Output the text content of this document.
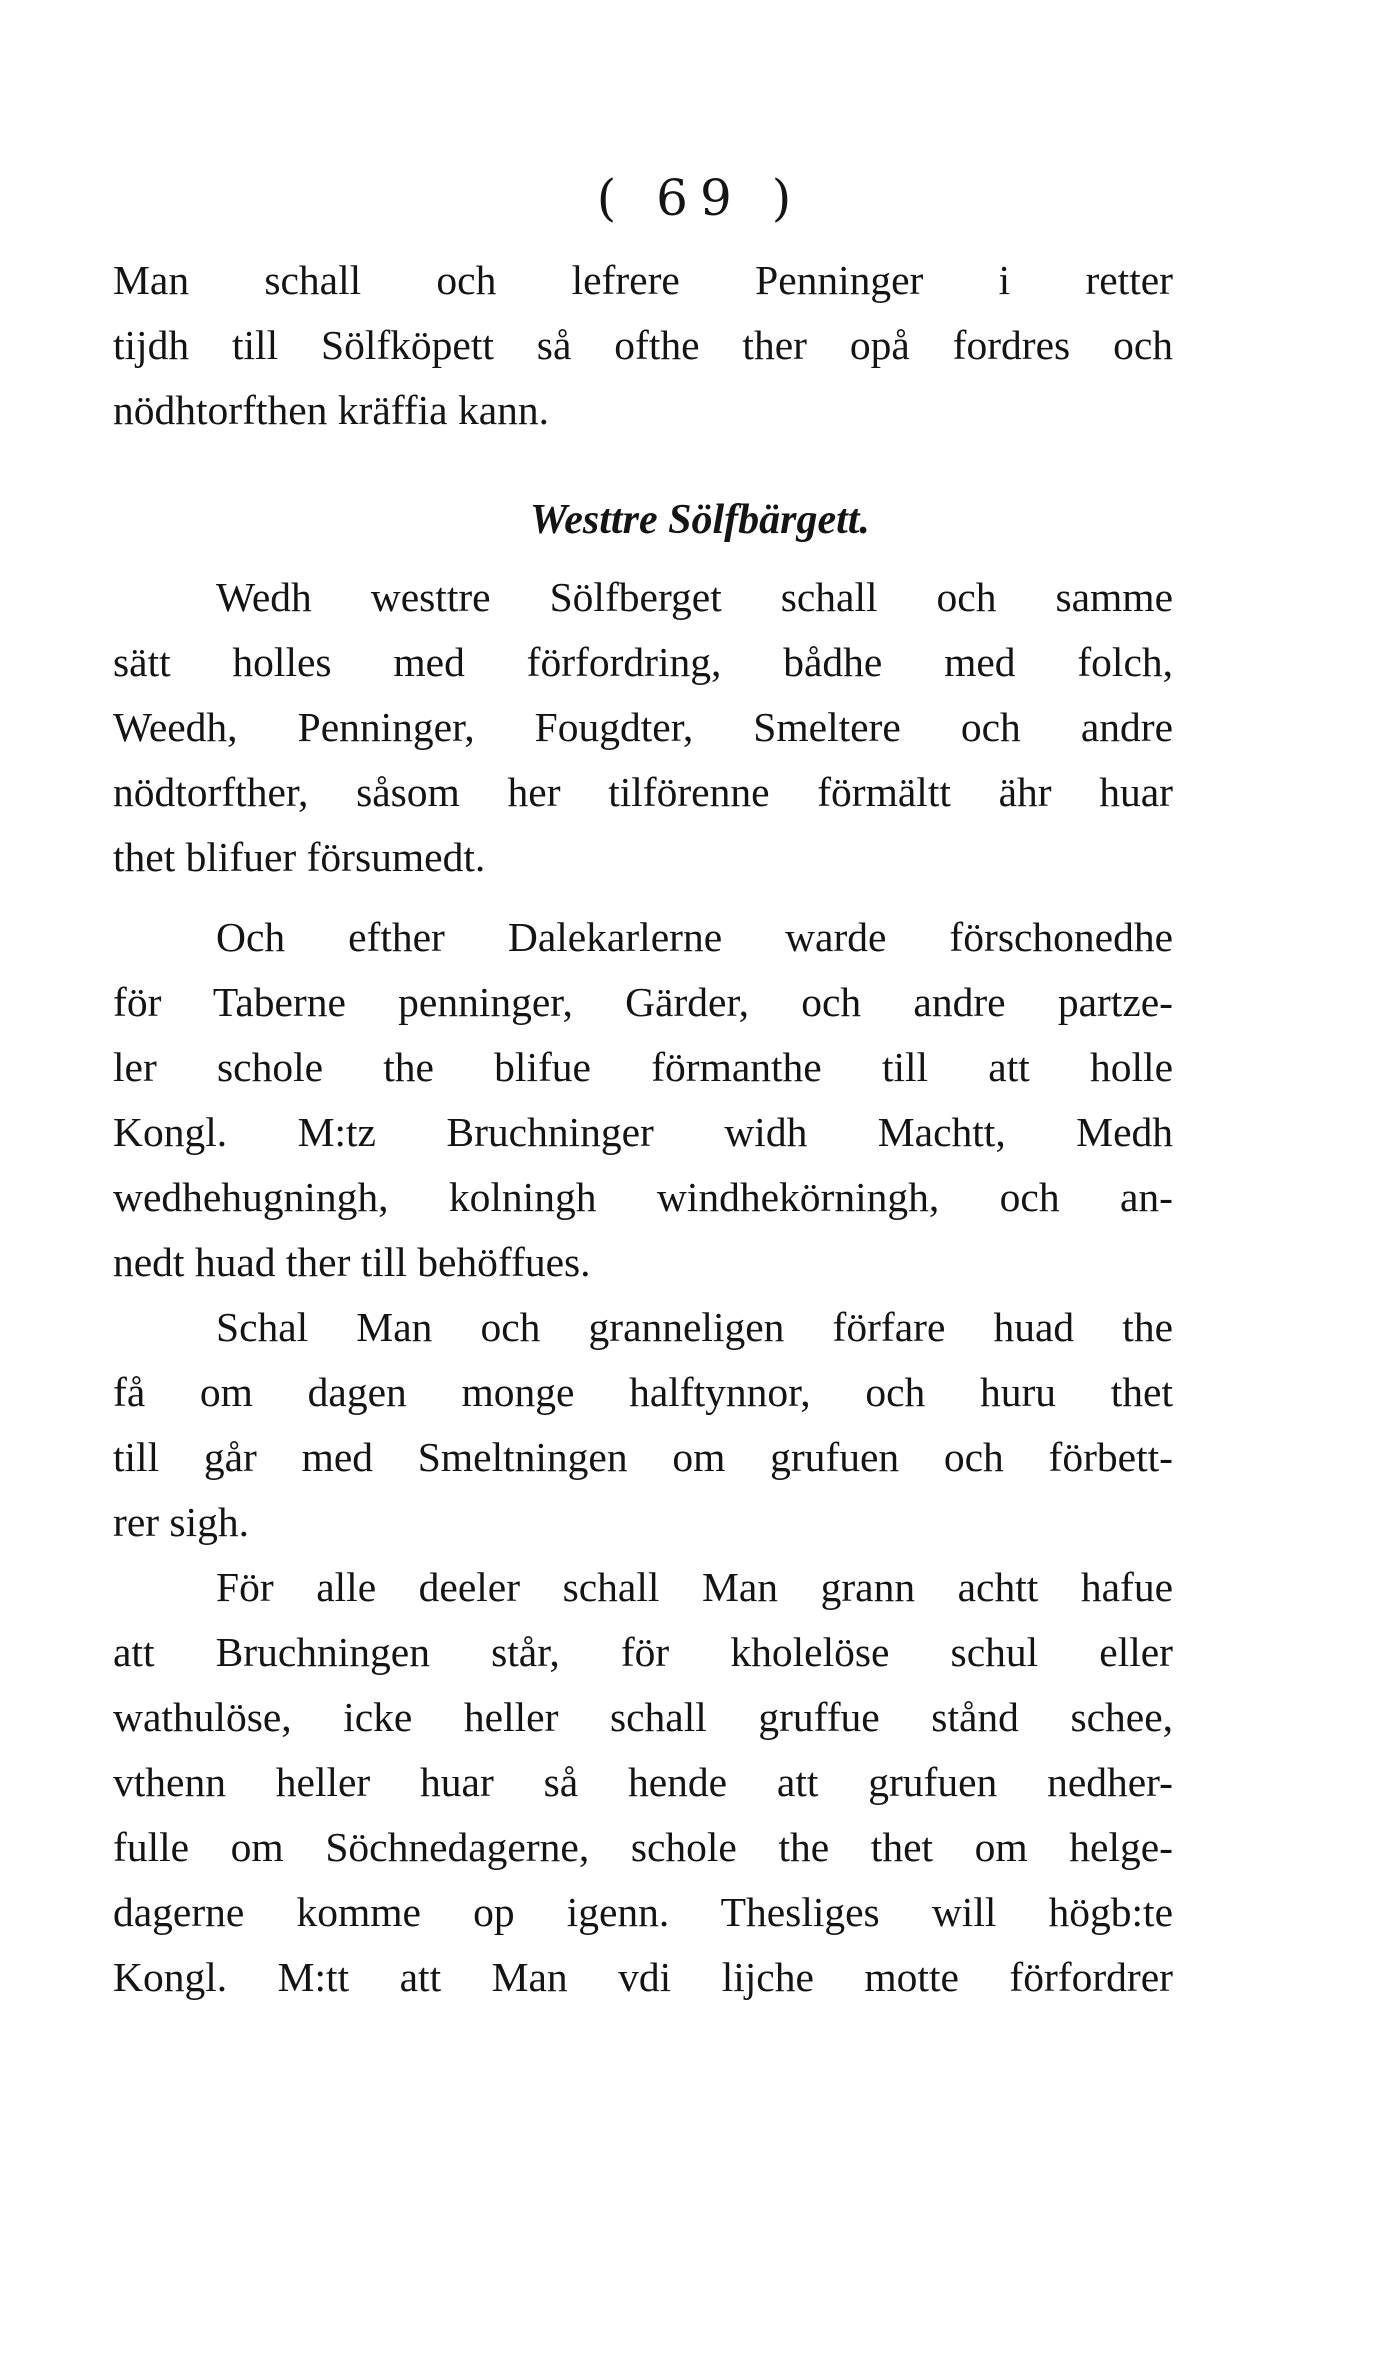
( 69 )

Man schall och lefrere Penninger i retter
tijdh till Sölfköpett så ofthe ther opå fordres och
nödhtorfthen kräffia kann.

Westtre Sölfbärgett.

Wedh westtre Sölfberget schall och samme
sätt holles med förfordring, bådhe med folch,
Weedh, Penninger, Fougdter, Smeltere och andre
nödtorfther, såsom her tilförenne förmältt ähr huar
thet blifuer försumedt.

Och efther Dalekarlerne warde förschonedhe
för Taberne penninger, Gärder, och andre partze-
ler schole the blifue förmanthe till att holle
Kongl. M:tz Bruchninger widh Machtt, Medh
wedhehugningh, kolningh windhekörningh, och an-
nedt huad ther till behöffues.

Schal Man och granneligen förfare huad the
få om dagen monge halftynnor, och huru thet
till går med Smeltningen om grufuen och förbett-
rer sigh.

För alle deeler schall Man grann achtt hafue
att Bruchningen står, för kholelöse schul eller
wathulöse, icke heller schall gruffue stånd schee,
vthenn heller huar så hende att grufuen nedher-
fulle om Söchnedagerne, schole the thet om helge-
dagerne komme op igenn. Thesliges will högb:te
Kongl. M:tt att Man vdi lijche motte förfordrer
